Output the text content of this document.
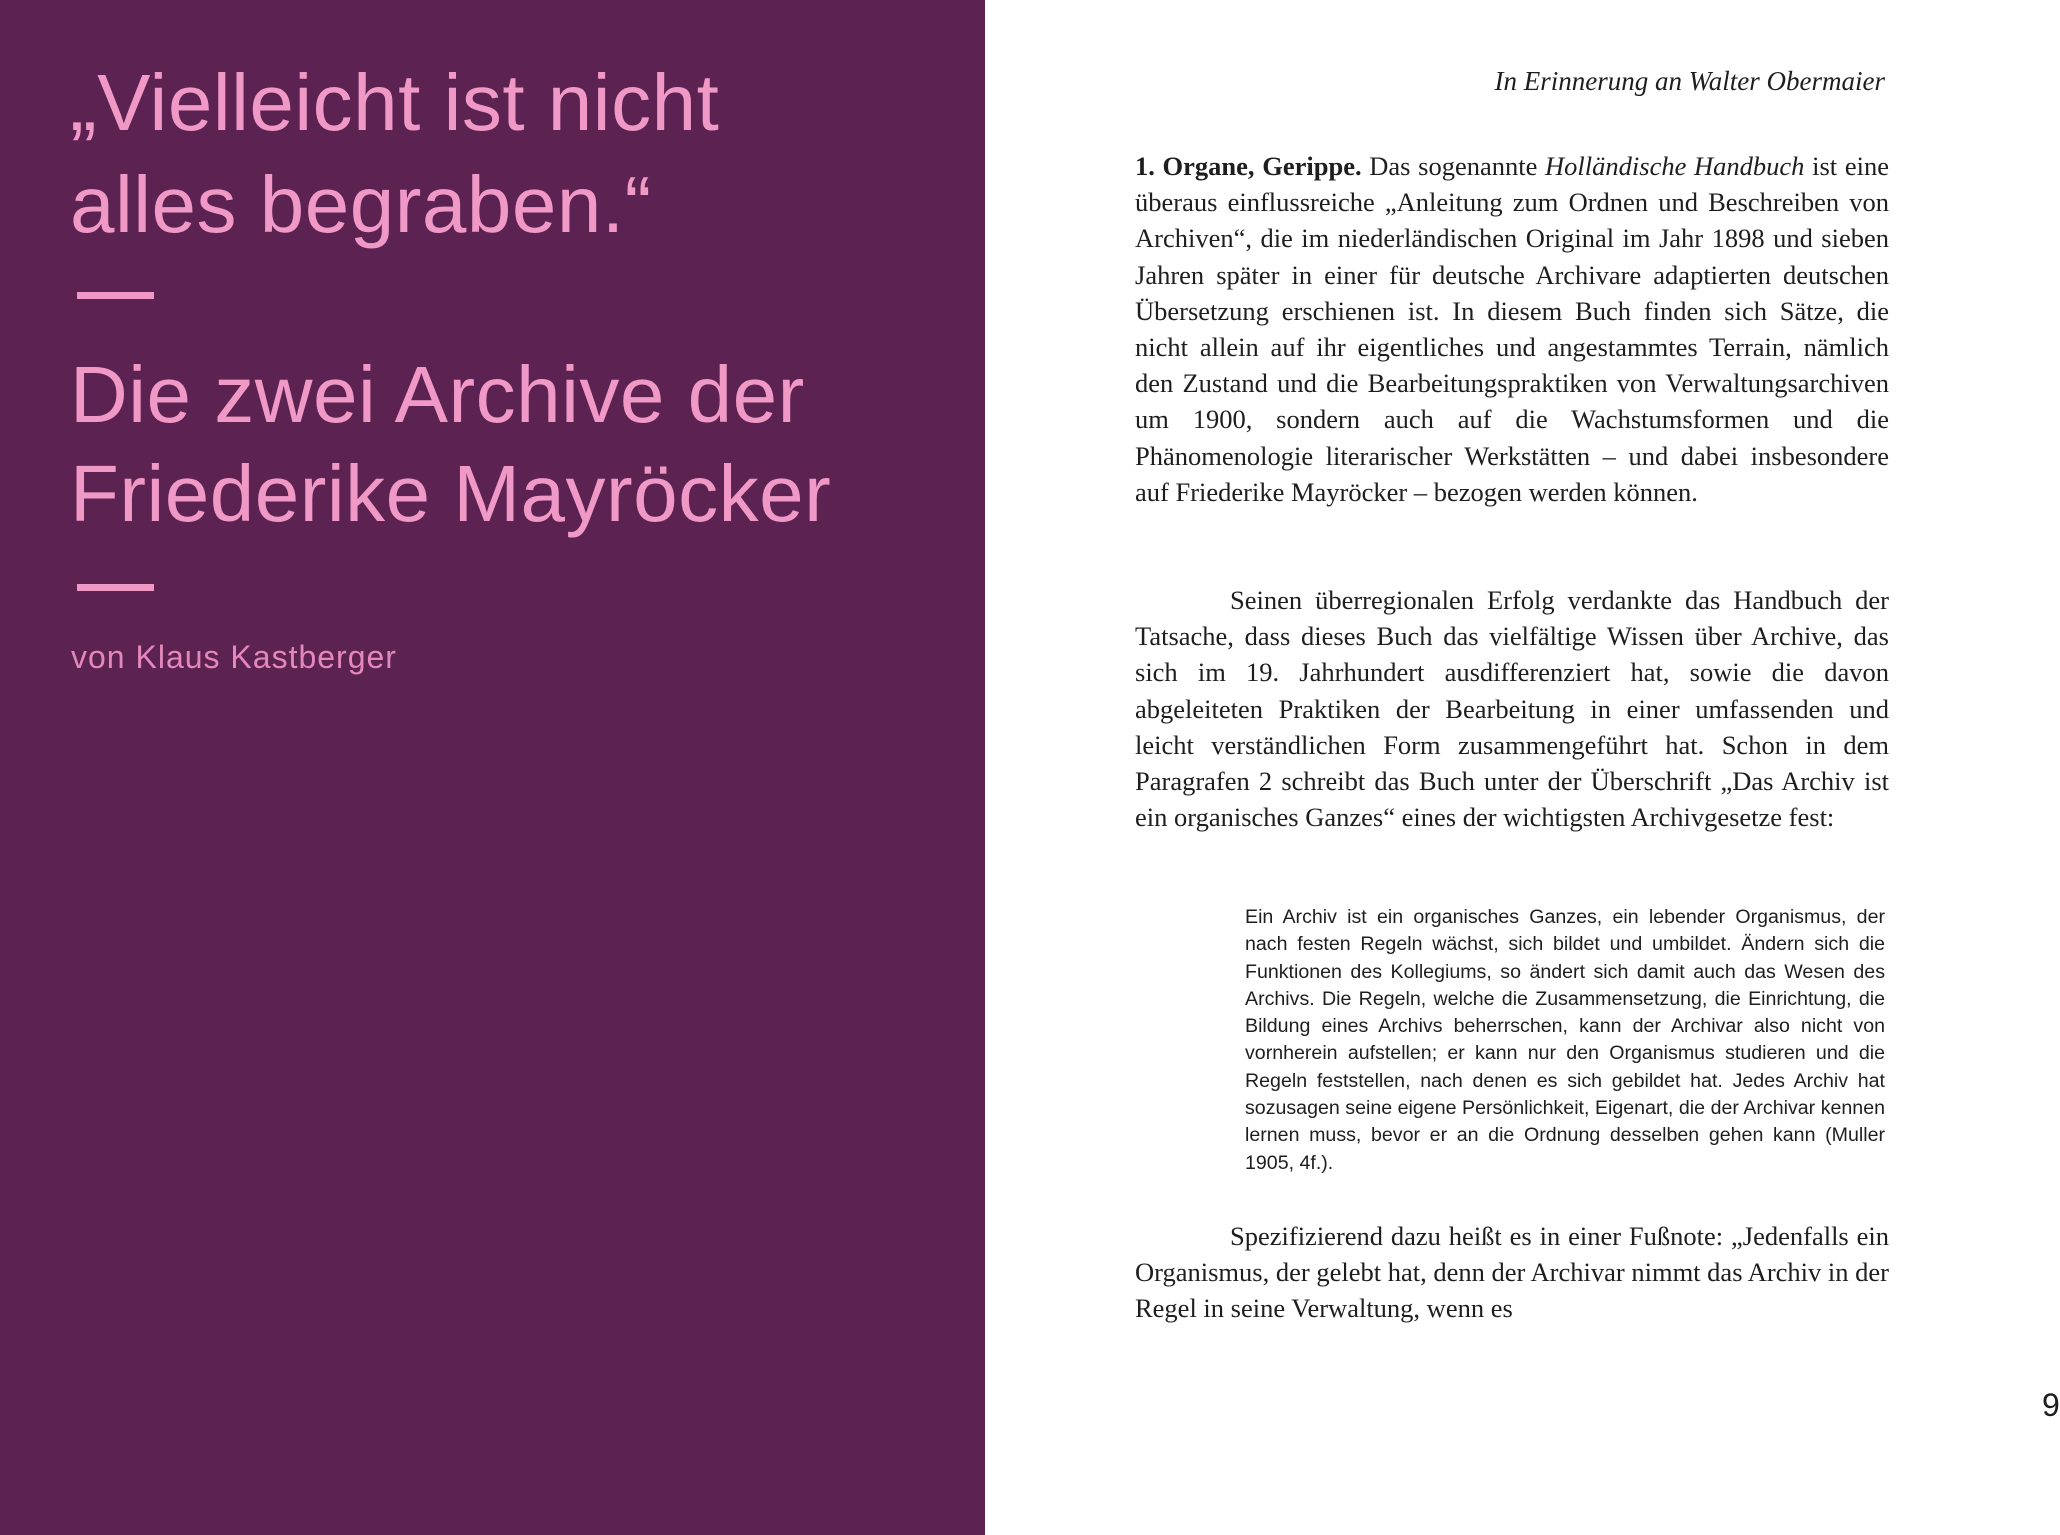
„Vielleicht ist nicht
alles begraben.“
Die zwei Archive der
Friederike Mayröcker

von Klaus Kastberger

In Erinnerung an Walter Obermaier

1. Organe, Gerippe. Das sogenannte Holländische Handbuch ist eine überaus einflussreiche „Anleitung zum Ordnen und Beschreiben von Archiven“, die im niederländischen Original im Jahr 1898 und sieben Jahren später in einer für deutsche Archivare adaptierten deutschen Übersetzung erschienen ist. In diesem Buch finden sich Sätze, die nicht allein auf ihr eigentliches und angestammtes Terrain, nämlich den Zustand und die Bearbeitungspraktiken von Verwaltungsarchiven um 1900, sondern auch auf die Wachstumsformen und die Phänomenologie literarischer Werkstätten – und dabei insbesondere auf Friederike Mayröcker – bezogen werden können.

Seinen überregionalen Erfolg verdankte das Handbuch der Tatsache, dass dieses Buch das vielfältige Wissen über Archive, das sich im 19. Jahrhundert ausdifferenziert hat, sowie die davon abgeleiteten Praktiken der Bearbeitung in einer umfassenden und leicht verständlichen Form zusammengeführt hat. Schon in dem Paragrafen 2 schreibt das Buch unter der Überschrift „Das Archiv ist ein organisches Ganzes“ eines der wichtigsten Archivgesetze fest:

Ein Archiv ist ein organisches Ganzes, ein lebender Organismus, der nach festen Regeln wächst, sich bildet und umbildet. Ändern sich die Funktionen des Kollegiums, so ändert sich damit auch das Wesen des Archivs. Die Regeln, welche die Zusammensetzung, die Einrichtung, die Bildung eines Archivs beherrschen, kann der Archivar also nicht von vornherein aufstellen; er kann nur den Organismus studieren und die Regeln feststellen, nach denen es sich gebildet hat. Jedes Archiv hat sozusagen seine eigene Persönlichkeit, Eigenart, die der Archivar kennen lernen muss, bevor er an die Ordnung desselben gehen kann (Muller 1905, 4f.).

Spezifizierend dazu heißt es in einer Fußnote: „Jedenfalls ein Organismus, der gelebt hat, denn der Archivar nimmt das Archiv in der Regel in seine Verwaltung, wenn es

9
